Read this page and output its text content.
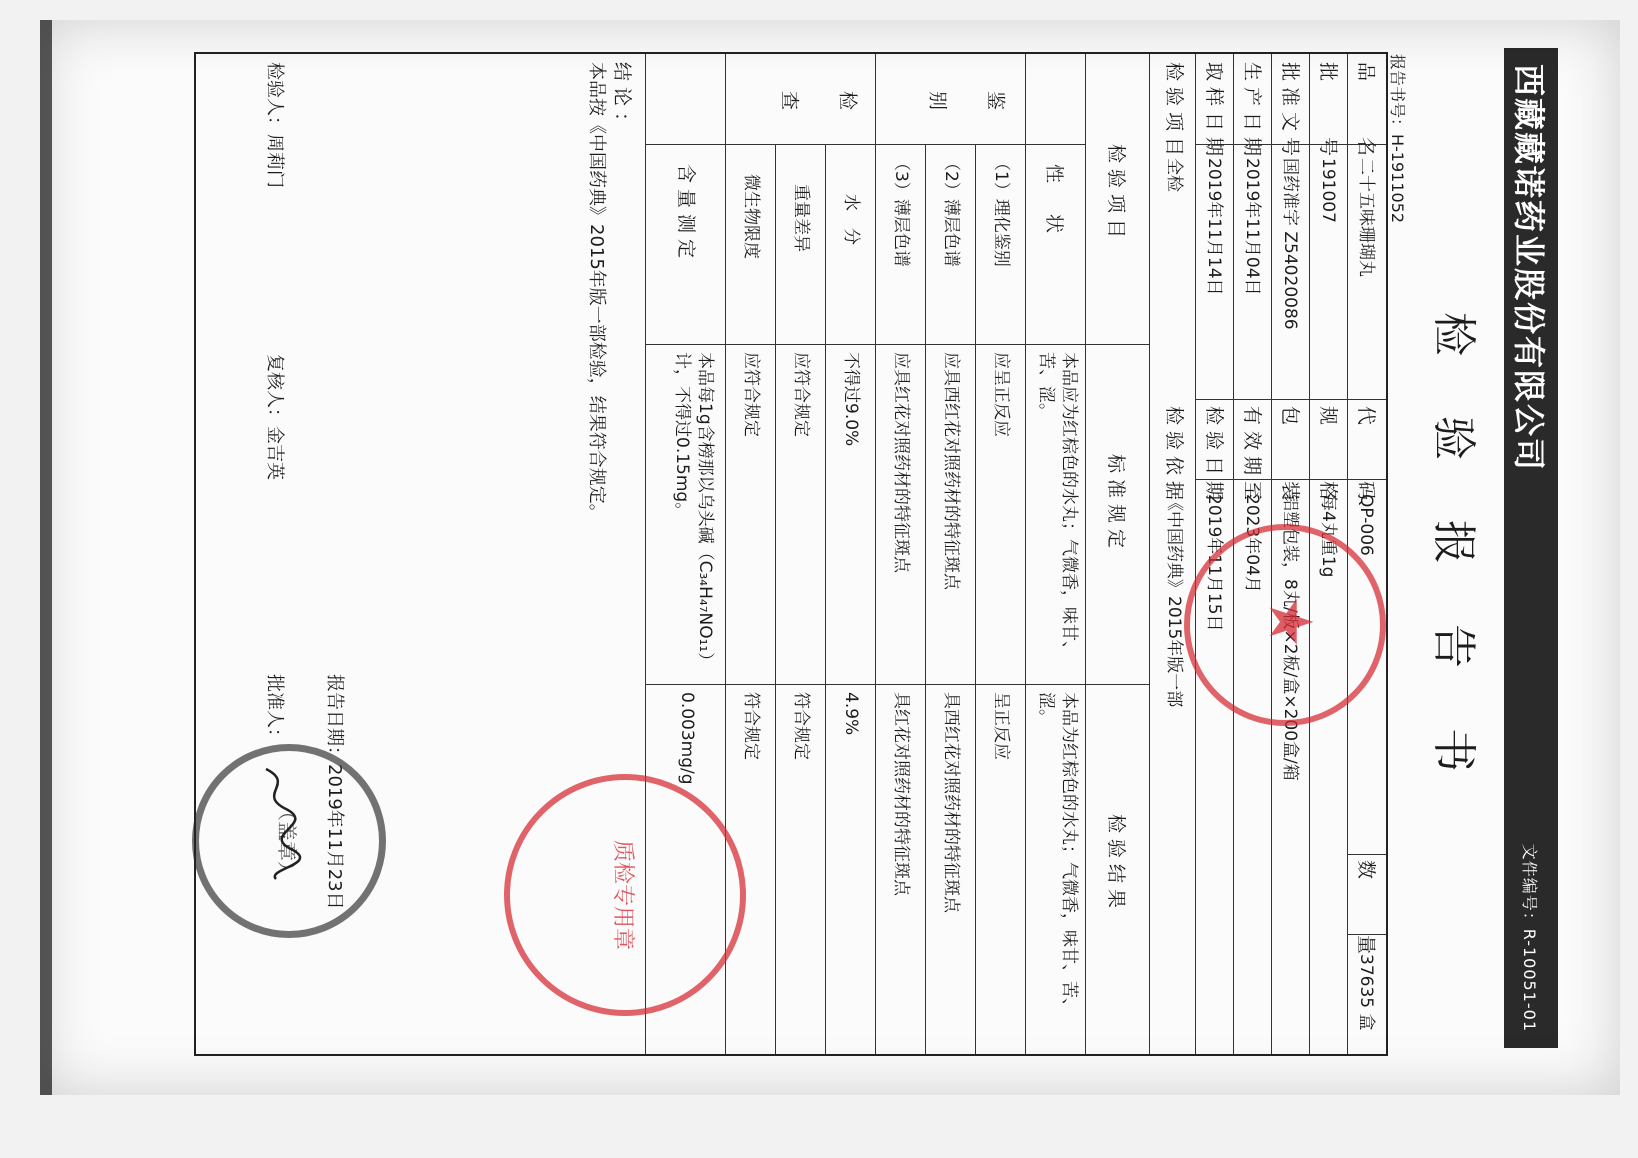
西藏藏诺药业股份有限公司
文件编号：R-10051-01
检验报告书
报告书号：H-1911052
品　　名
二十五味珊瑚丸
代　　码
QP-006
数　　量
37635 盒
批　　号
191007
规　　格
每4丸重1g
批准文号
国药准字 Z54020086
包　　装
铝塑包装，8丸/板×2板/盒×200盒/箱
生产日期
2019年11月04日
有效期至
2023年04月
取样日期
2019年11月14日
检验日期
2019年11月15日
检验项目
全检
检验依据
《中国药典》2015年版一部
检验项目
标准规定
检验结果
性　状
本品应为红棕色的水丸；气微香，味甘、苦、涩。
本品为红棕色的水丸；气微香，味甘、苦、涩。
鉴　别
（1）理化鉴别
应呈正反应
呈正反应
（2）薄层色谱
应具西红花对照药材的特征斑点
具西红花对照药材的特征斑点
（3）薄层色谱
应具红花对照药材的特征斑点
具红花对照药材的特征斑点
检　查
水　分
不得过9.0%
4.9%
重量差异
应符合规定
符合规定
微生物限度
应符合规定
符合规定
含量测定
本品每1g含榜那以乌头碱（C₃₄H₄₇NO₁₁）计，不得过0.15mg。
0.003mg/g
结论：
本品按《中国药典》2015年版一部检验，结果符合规定。
检验人：周莉门
复核人：金吉英
批准人： 报告日期：2019年11月23日
（盖章）
★
质检专用章
